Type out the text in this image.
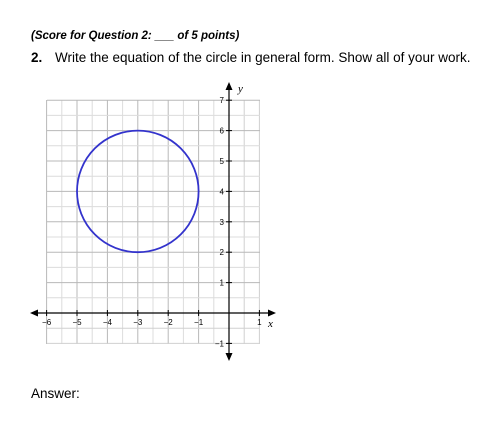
(Score for Question 2: ___ of 5 points)
2. Write the equation of the circle in general form. Show all of your work.
−6	−5	−4	−3	−2	−1	1
−1
1
2
3
4
5
6
7
x
y
Answer:
